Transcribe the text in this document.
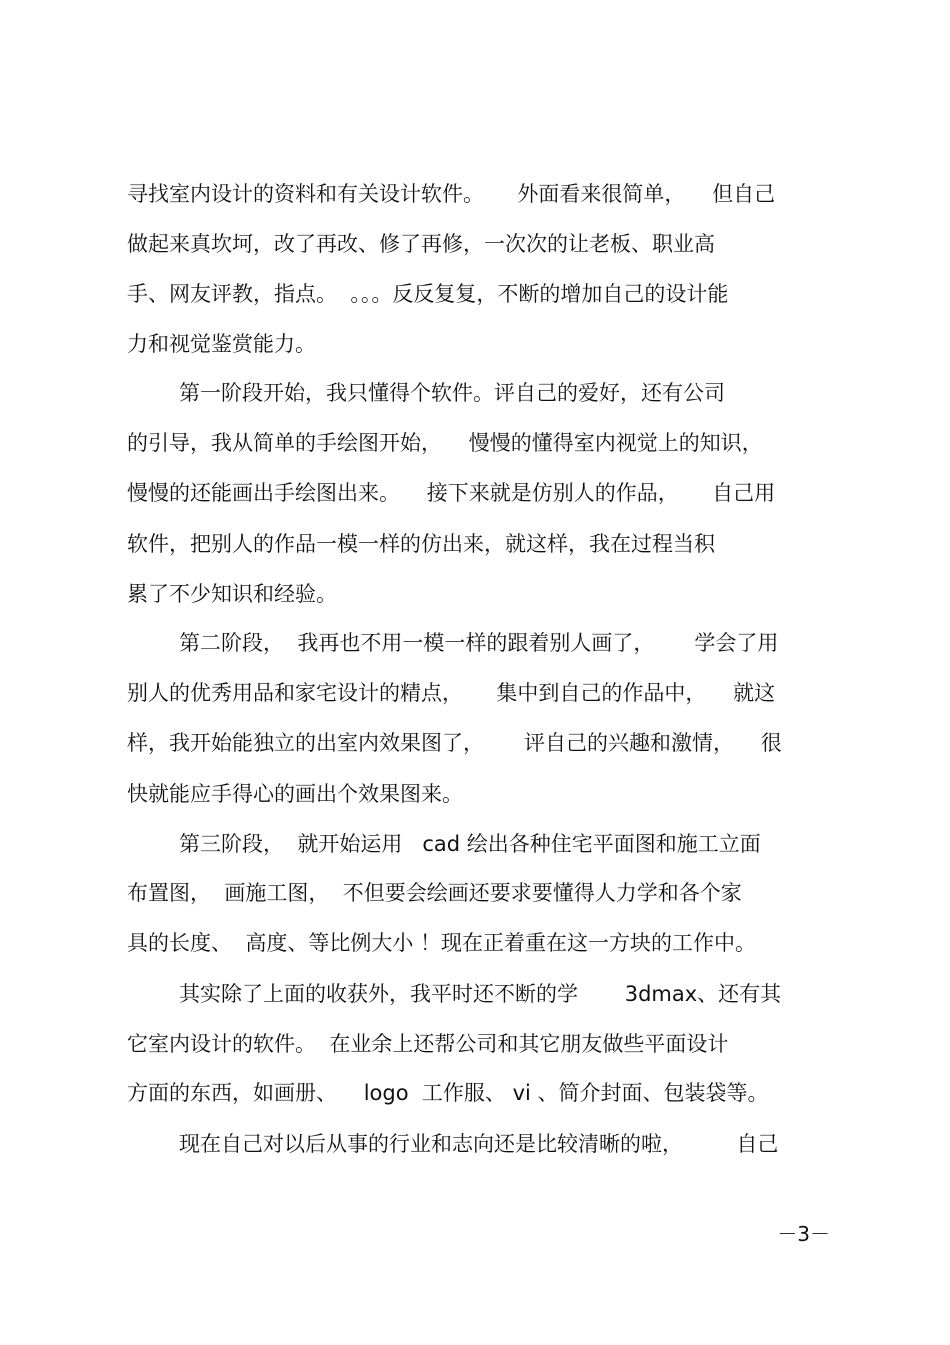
寻找室内设计的资料和有关设计软件。     外面看来很简单，    但自己
做起来真坎坷，改了再改、修了再修，一次次的让老板、职业高
手、网友评教，指点。  。。。反反复复，不断的增加自己的设计能
力和视觉鉴赏能力。
第一阶段开始，我只懂得个软件。评自己的爱好，还有公司
的引导，我从简单的手绘图开始，    慢慢的懂得室内视觉上的知识，
慢慢的还能画出手绘图出来。    接下来就是仿别人的作品，     自己用
软件，把别人的作品一模一样的仿出来，就这样，我在过程当积
累了不少知识和经验。
第二阶段，  我再也不用一模一样的跟着别人画了，      学会了用
别人的优秀用品和家宅设计的精点，     集中到自己的作品中，    就这
样，我开始能独立的出室内效果图了，      评自己的兴趣和激情，    很
快就能应手得心的画出个效果图来。
第三阶段，  就开始运用   cad 绘出各种住宅平面图和施工立面
布置图，  画施工图，  不但要会绘画还要求要懂得人力学和各个家
具的长度、  高度、等比例大小 ！现在正着重在这一方块的工作中。
其实除了上面的收获外，我平时还不断的学       3dmax、还有其
它室内设计的软件。  在业余上还帮公司和其它朋友做些平面设计
方面的东西，如画册、    logo  工作服、 vi 、简介封面、包装袋等。
现在自己对以后从事的行业和志向还是比较清晰的啦，        自己
－3－
